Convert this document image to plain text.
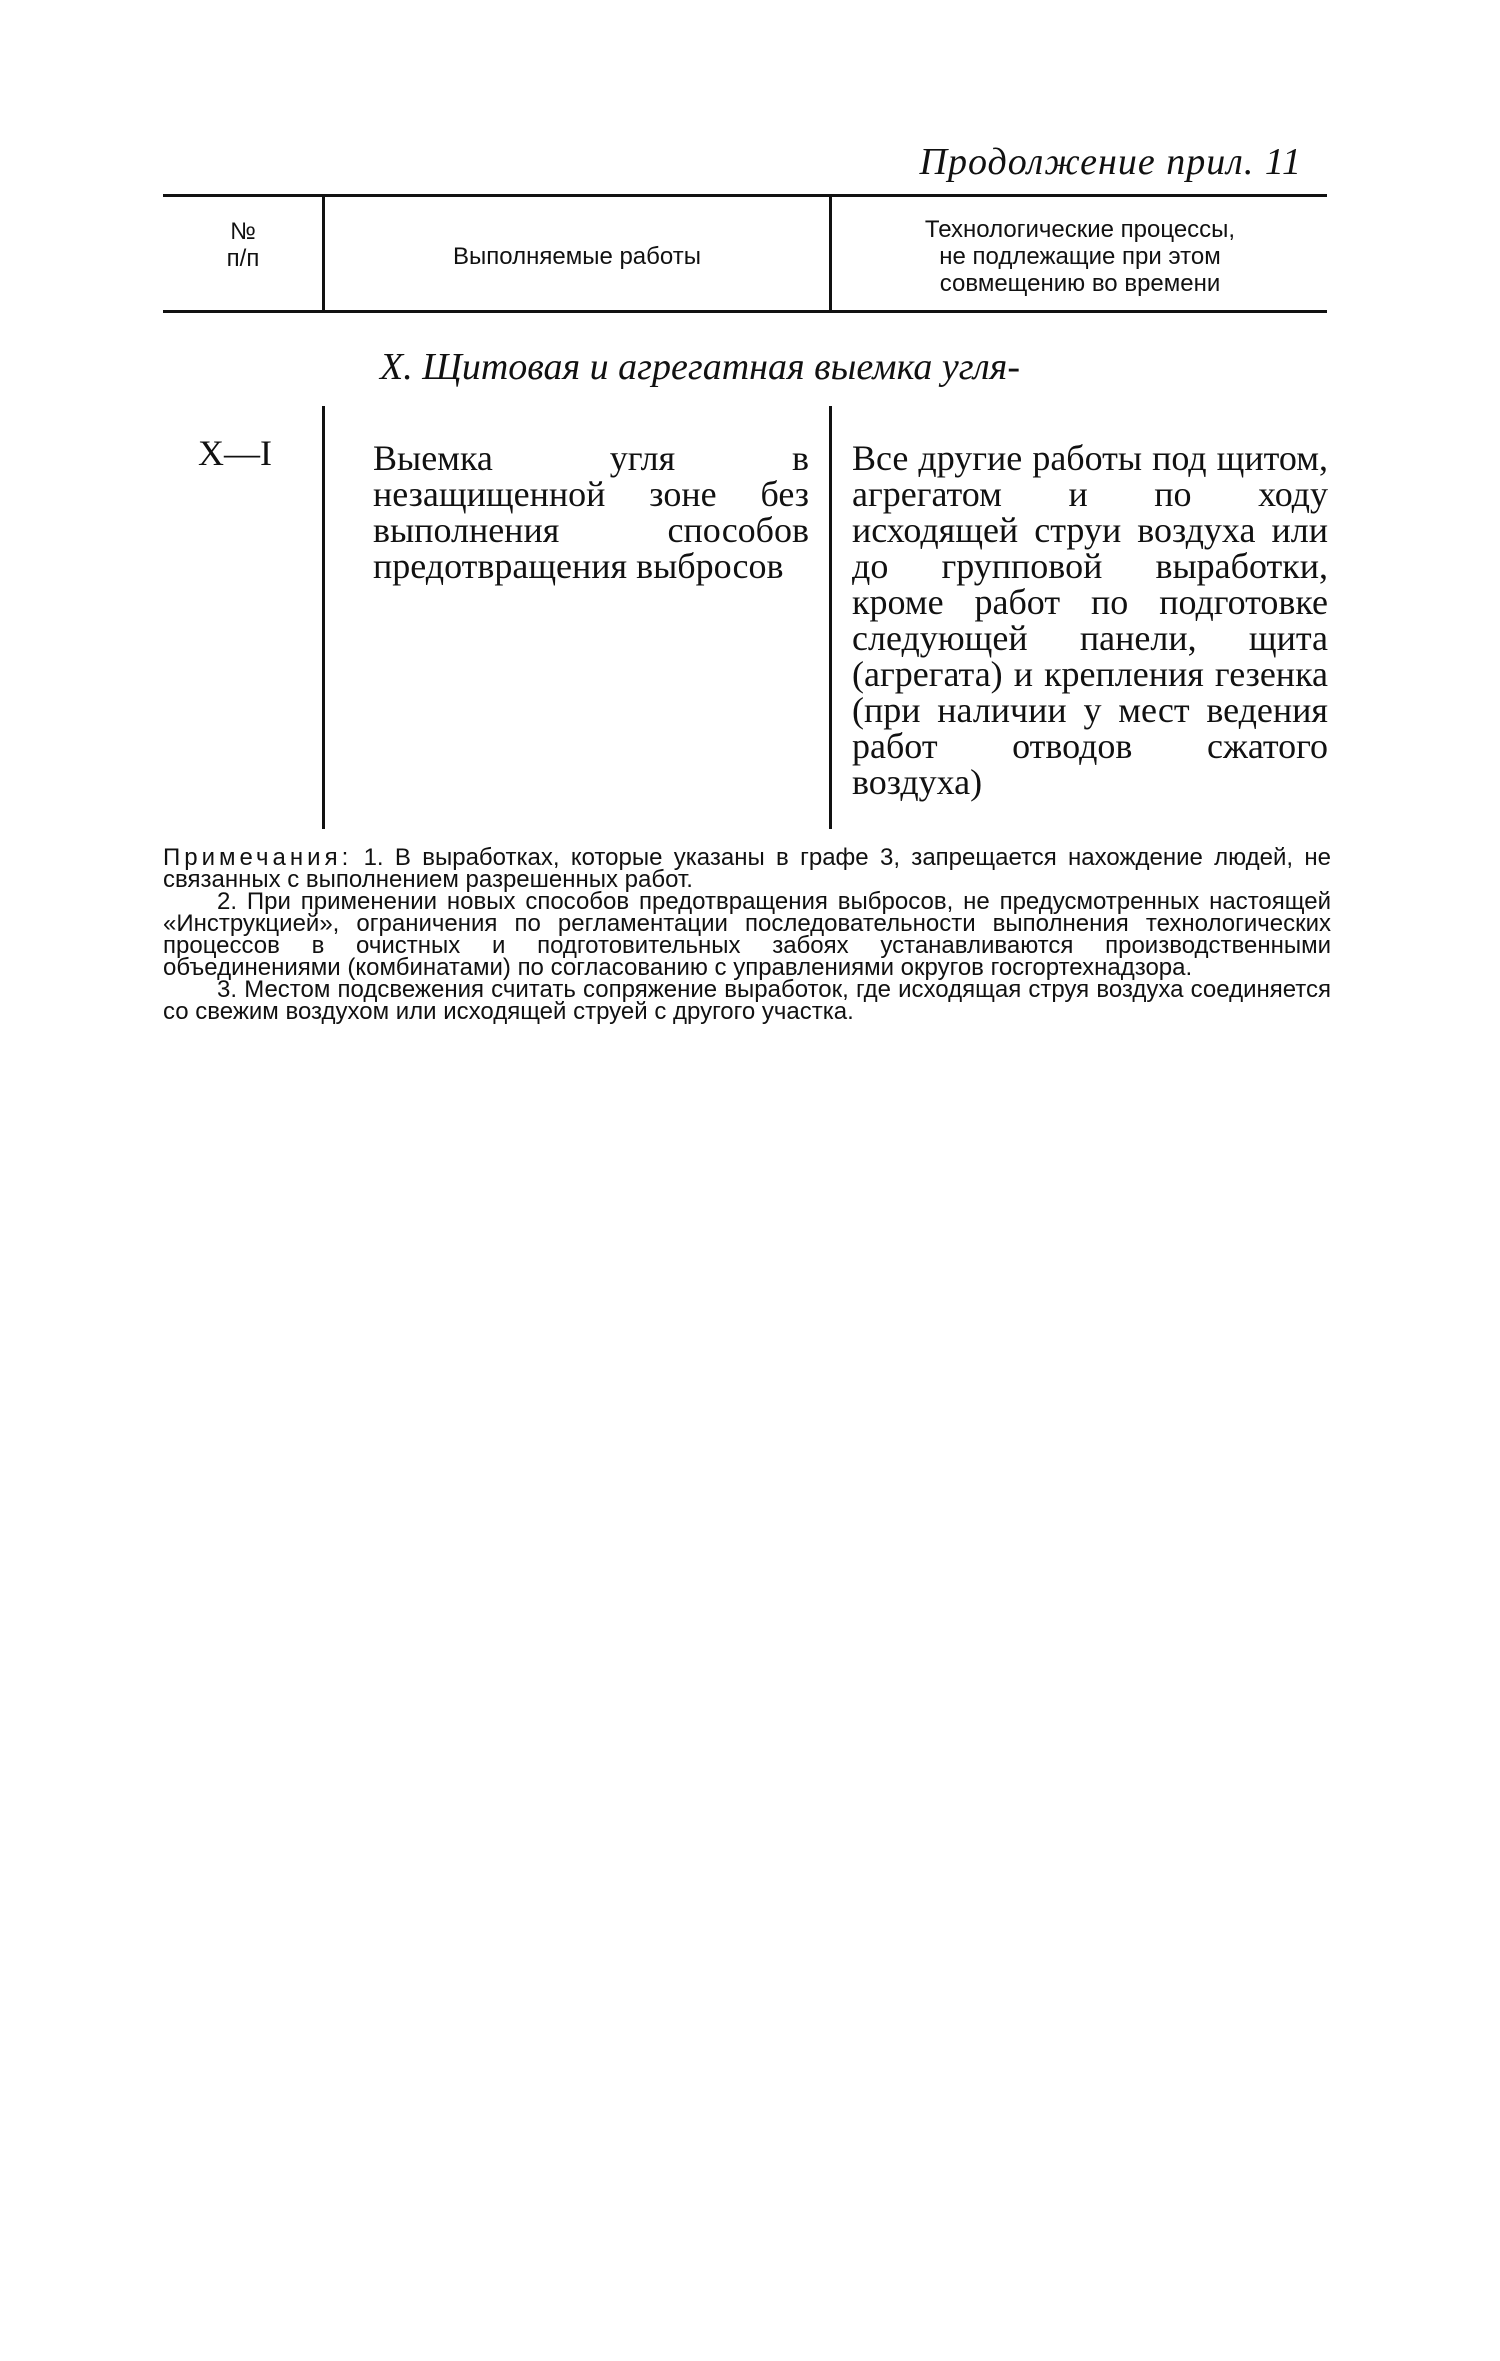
Продолжение прил. 11

№
п/п	Выполняемые работы
Технологические процессы,
не подлежащие при этом
совмещению во времени

X. Щитовая и агрегатная выемка угля-

X—I	Выемка угля в незащищенной зоне без выполнения способов предотвращения выбросов
Все другие работы под щитом, агрегатом и по ходу исходящей струи воздуха или до групповой выработки, кроме работ по подготовке следующей панели, щита (агрегата) и крепления гезенка (при наличии у мест ведения работ отводов сжатого воздуха)

Примечания: 1. В выработках, которые указаны в графе 3, запрещается нахождение людей, не связанных с выполнением разрешенных работ.

2. При применении новых способов предотвращения выбросов, не предусмотренных настоящей «Инструкцией», ограничения по регламентации последовательности выполнения технологических процессов в очистных и подготовительных забоях устанавливаются производственными объединениями (комбинатами) по согласованию с управлениями округов госгортехнадзора.

3. Местом подсвежения считать сопряжение выработок, где исходящая струя воздуха соединяется со свежим воздухом или исходящей струей с другого участка.
